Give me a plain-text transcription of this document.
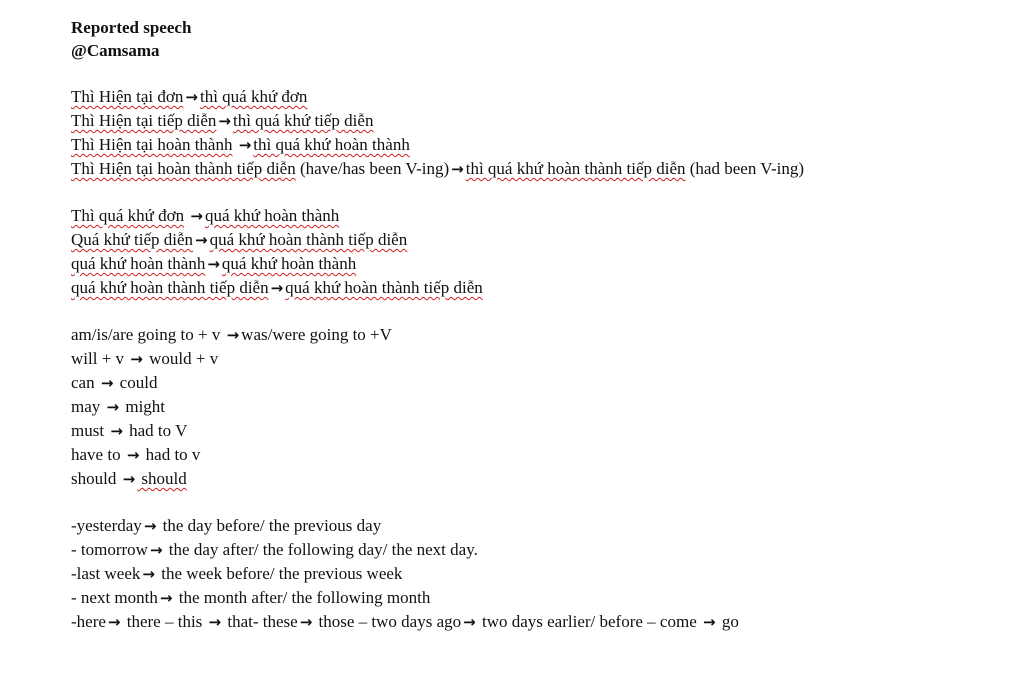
Reported speech
@Camsama
Thì Hiện tại đơn → thì quá khứ đơn
Thì Hiện tại tiếp diễn → thì quá khứ tiếp diễn
Thì Hiện tại hoàn thành → thì quá khứ hoàn thành
Thì Hiện tại hoàn thành tiếp diễn (have/has been V-ing) → thì quá khứ hoàn thành tiếp diễn (had been V-ing)
Thì quá khứ đơn → quá khứ hoàn thành
Quá khứ tiếp diễn → quá khứ hoàn thành tiếp diễn
quá khứ hoàn thành → quá khứ hoàn thành
quá khứ hoàn thành tiếp diễn → quá khứ hoàn thành tiếp diễn
am/is/are going to + v → was/were going to +V
will + v → would + v
can → could
may → might
must → had to V
have to → had to v
should → should
-yesterday → the day before/ the previous day
- tomorrow → the day after/ the following day/ the next day.
-last week → the week before/ the previous week
- next month → the month after/ the following month
-here → there – this → that- these → those – two days ago → two days earlier/ before – come → go
